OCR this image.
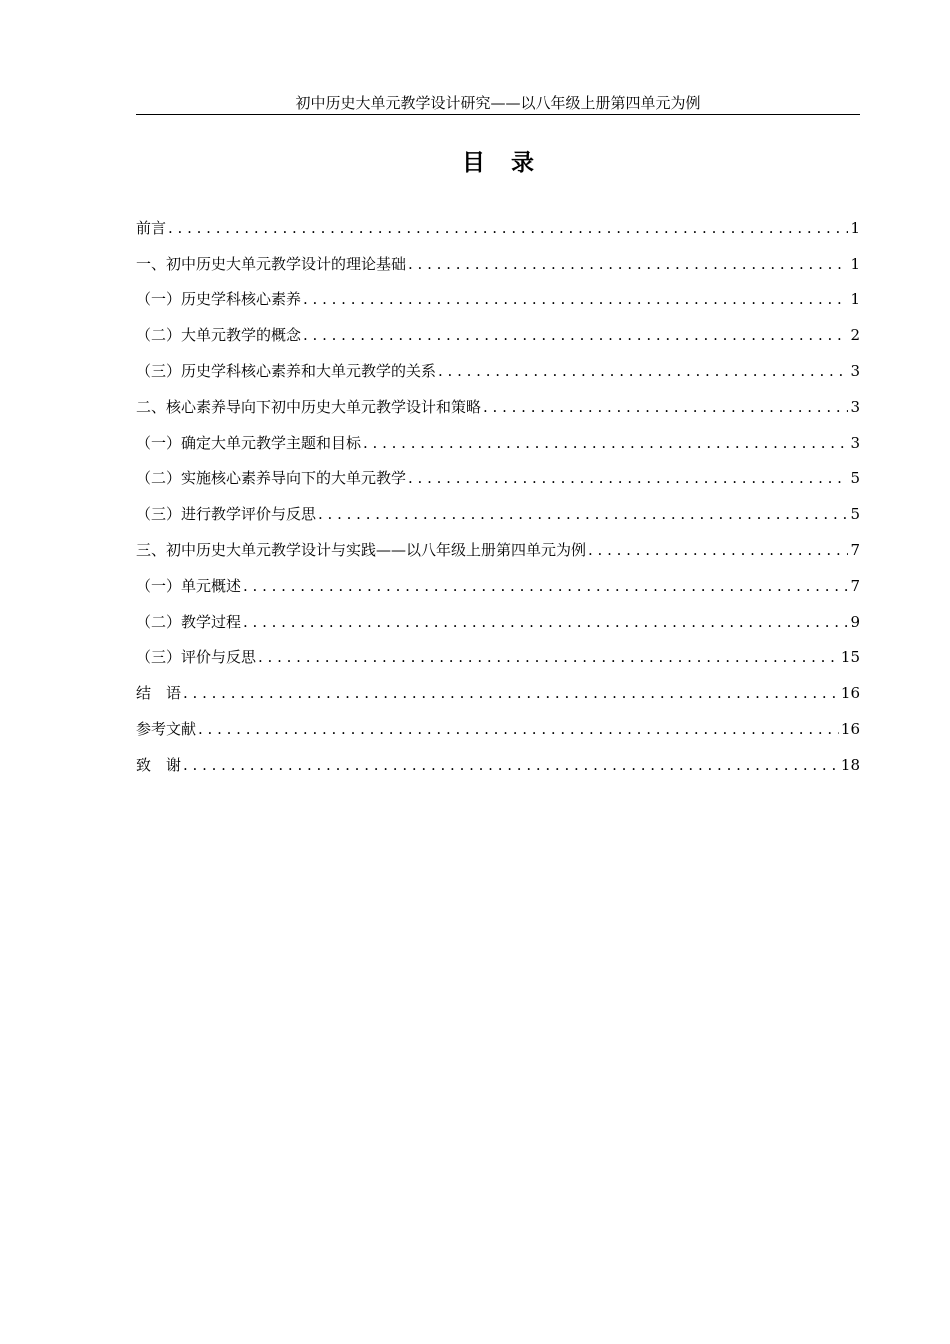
初中历史大单元教学设计研究——以八年级上册第四单元为例
目录
前言 . . .	1
一、初中历史大单元教学设计的理论基础 . . .	1
（一）历史学科核心素养 . . .	1
（二）大单元教学的概念 . . .	2
（三）历史学科核心素养和大单元教学的关系 . . .	3
二、核心素养导向下初中历史大单元教学设计和策略 . . .	3
（一）确定大单元教学主题和目标 . . .	3
（二）实施核心素养导向下的大单元教学 . . .	5
（三）进行教学评价与反思 . . .	5
三、初中历史大单元教学设计与实践——以八年级上册第四单元为例 . . .	7
（一）单元概述 . . .	7
（二）教学过程 . . .	9
（三）评价与反思 . . .	15
结　语 . . .	16
参考文献 . . .	16
致　谢 . . .	18
